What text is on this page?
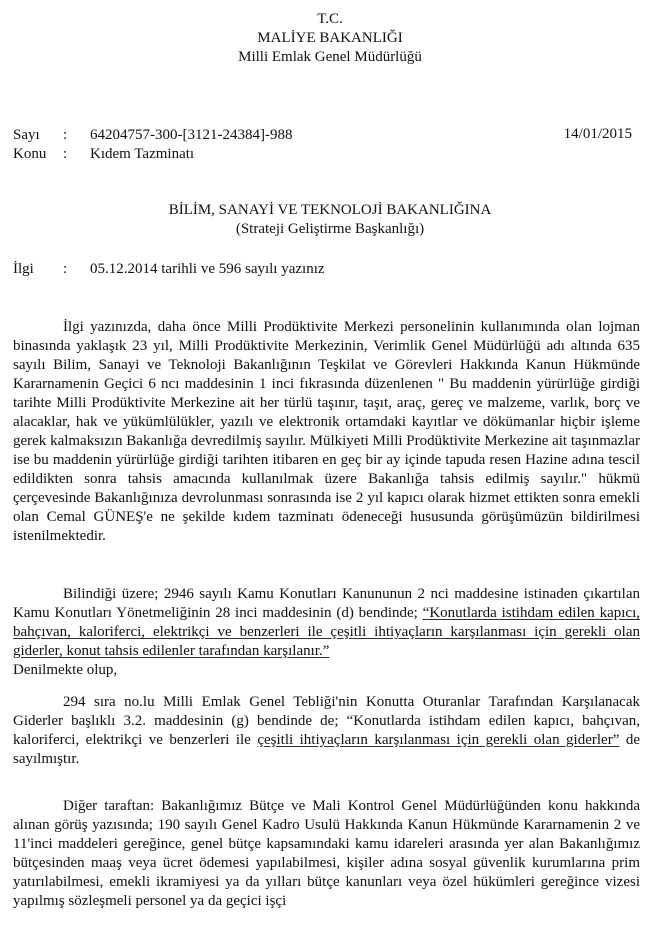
T.C.
MALİYE BAKANLIĞI
Milli Emlak Genel Müdürlüğü
Sayı : 64204757-300-[3121-24384]-988	14/01/2015
Konu : Kıdem Tazminatı
BİLİM, SANAYİ VE TEKNOLOJİ BAKANLIĞINA
(Strateji Geliştirme Başkanlığı)
İlgi : 05.12.2014 tarihli ve 596 sayılı yazınız

İlgi yazınızda, daha önce Milli Prodüktivite Merkezi personelinin kullanımında olan lojman binasında yaklaşık 23 yıl, Milli Prodüktivite Merkezinin, Verimlik Genel Müdürlüğü adı altında 635 sayılı Bilim, Sanayi ve Teknoloji Bakanlığının Teşkilat ve Görevleri Hakkında Kanun Hükmünde Kararnamenin Geçici 6 ncı maddesinin 1 inci fıkrasında düzenlenen " Bu maddenin yürürlüğe girdiği tarihte Milli Prodüktivite Merkezine ait her türlü taşınır, taşıt, araç, gereç ve malzeme, varlık, borç ve alacaklar, hak ve yükümlülükler, yazılı ve elektronik ortamdaki kayıtlar ve dökümanlar hiçbir işleme gerek kalmaksızın Bakanlığa devredilmiş sayılır. Mülkiyeti Milli Prodüktivite Merkezine ait taşınmazlar ise bu maddenin yürürlüğe girdiği tarihten itibaren en geç bir ay içinde tapuda resen Hazine adına tescil edildikten sonra tahsis amacında kullanılmak üzere Bakanlığa tahsis edilmiş sayılır." hükmü çerçevesinde Bakanlığınıza devrolunması sonrasında ise 2 yıl kapıcı olarak hizmet ettikten sonra emekli olan Cemal GÜNEŞ'e ne şekilde kıdem tazminatı ödeneceği hususunda görüşümüzün bildirilmesi istenilmektedir.

Bilindiği üzere; 2946 sayılı Kamu Konutları Kanununun 2 nci maddesine istinaden çıkartılan Kamu Konutları Yönetmeliğinin 28 inci maddesinin (d) bendinde; “Konutlarda istihdam edilen kapıcı, bahçıvan, kaloriferci, elektrikçi ve benzerleri ile çeşitli ihtiyaçların karşılanması için gerekli olan giderler, konut tahsis edilenler tarafından karşılanır.”
Denilmekte olup,

294 sıra no.lu Milli Emlak Genel Tebliği'nin Konutta Oturanlar Tarafından Karşılanacak Giderler başlıklı 3.2. maddesinin (g) bendinde de; “Konutlarda istihdam edilen kapıcı, bahçıvan, kaloriferci, elektrikçi ve benzerleri ile çeşitli ihtiyaçların karşılanması için gerekli olan giderler” de sayılmıştır.

Diğer taraftan: Bakanlığımız Bütçe ve Mali Kontrol Genel Müdürlüğünden konu hakkında alınan görüş yazısında; 190 sayılı Genel Kadro Usulü Hakkında Kanun Hükmünde Kararnamenin 2 ve 11'inci maddeleri gereğince, genel bütçe kapsamındaki kamu idareleri arasında yer alan Bakanlığımız bütçesinden maaş veya ücret ödemesi yapılabilmesi, kişiler adına sosyal güvenlik kurumlarına prim yatırılabilmesi, emekli ikramiyesi ya da yılları bütçe kanunları veya özel hükümleri gereğince vizesi yapılmış sözleşmeli personel ya da geçici işçi
